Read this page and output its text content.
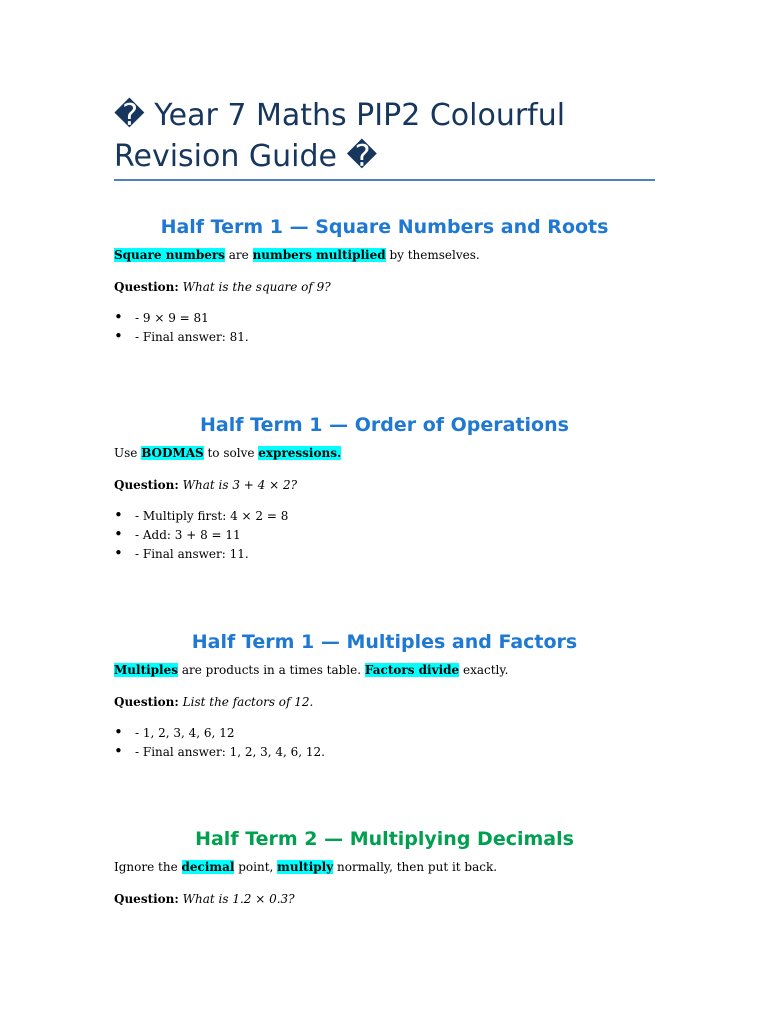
� Year 7 Maths PIP2 Colourful Revision Guide �
Half Term 1 — Square Numbers and Roots

Square numbers are numbers multiplied by themselves.

Question: What is the square of 9?

• - 9 × 9 = 81
• - Final answer: 81.
Half Term 1 — Order of Operations

Use BODMAS to solve expressions.

Question: What is 3 + 4 × 2?

• - Multiply first: 4 × 2 = 8
• - Add: 3 + 8 = 11
• - Final answer: 11.
Half Term 1 — Multiples and Factors

Multiples are products in a times table. Factors divide exactly.

Question: List the factors of 12.

• - 1, 2, 3, 4, 6, 12
• - Final answer: 1, 2, 3, 4, 6, 12.
Half Term 2 — Multiplying Decimals

Ignore the decimal point, multiply normally, then put it back.

Question: What is 1.2 × 0.3?
